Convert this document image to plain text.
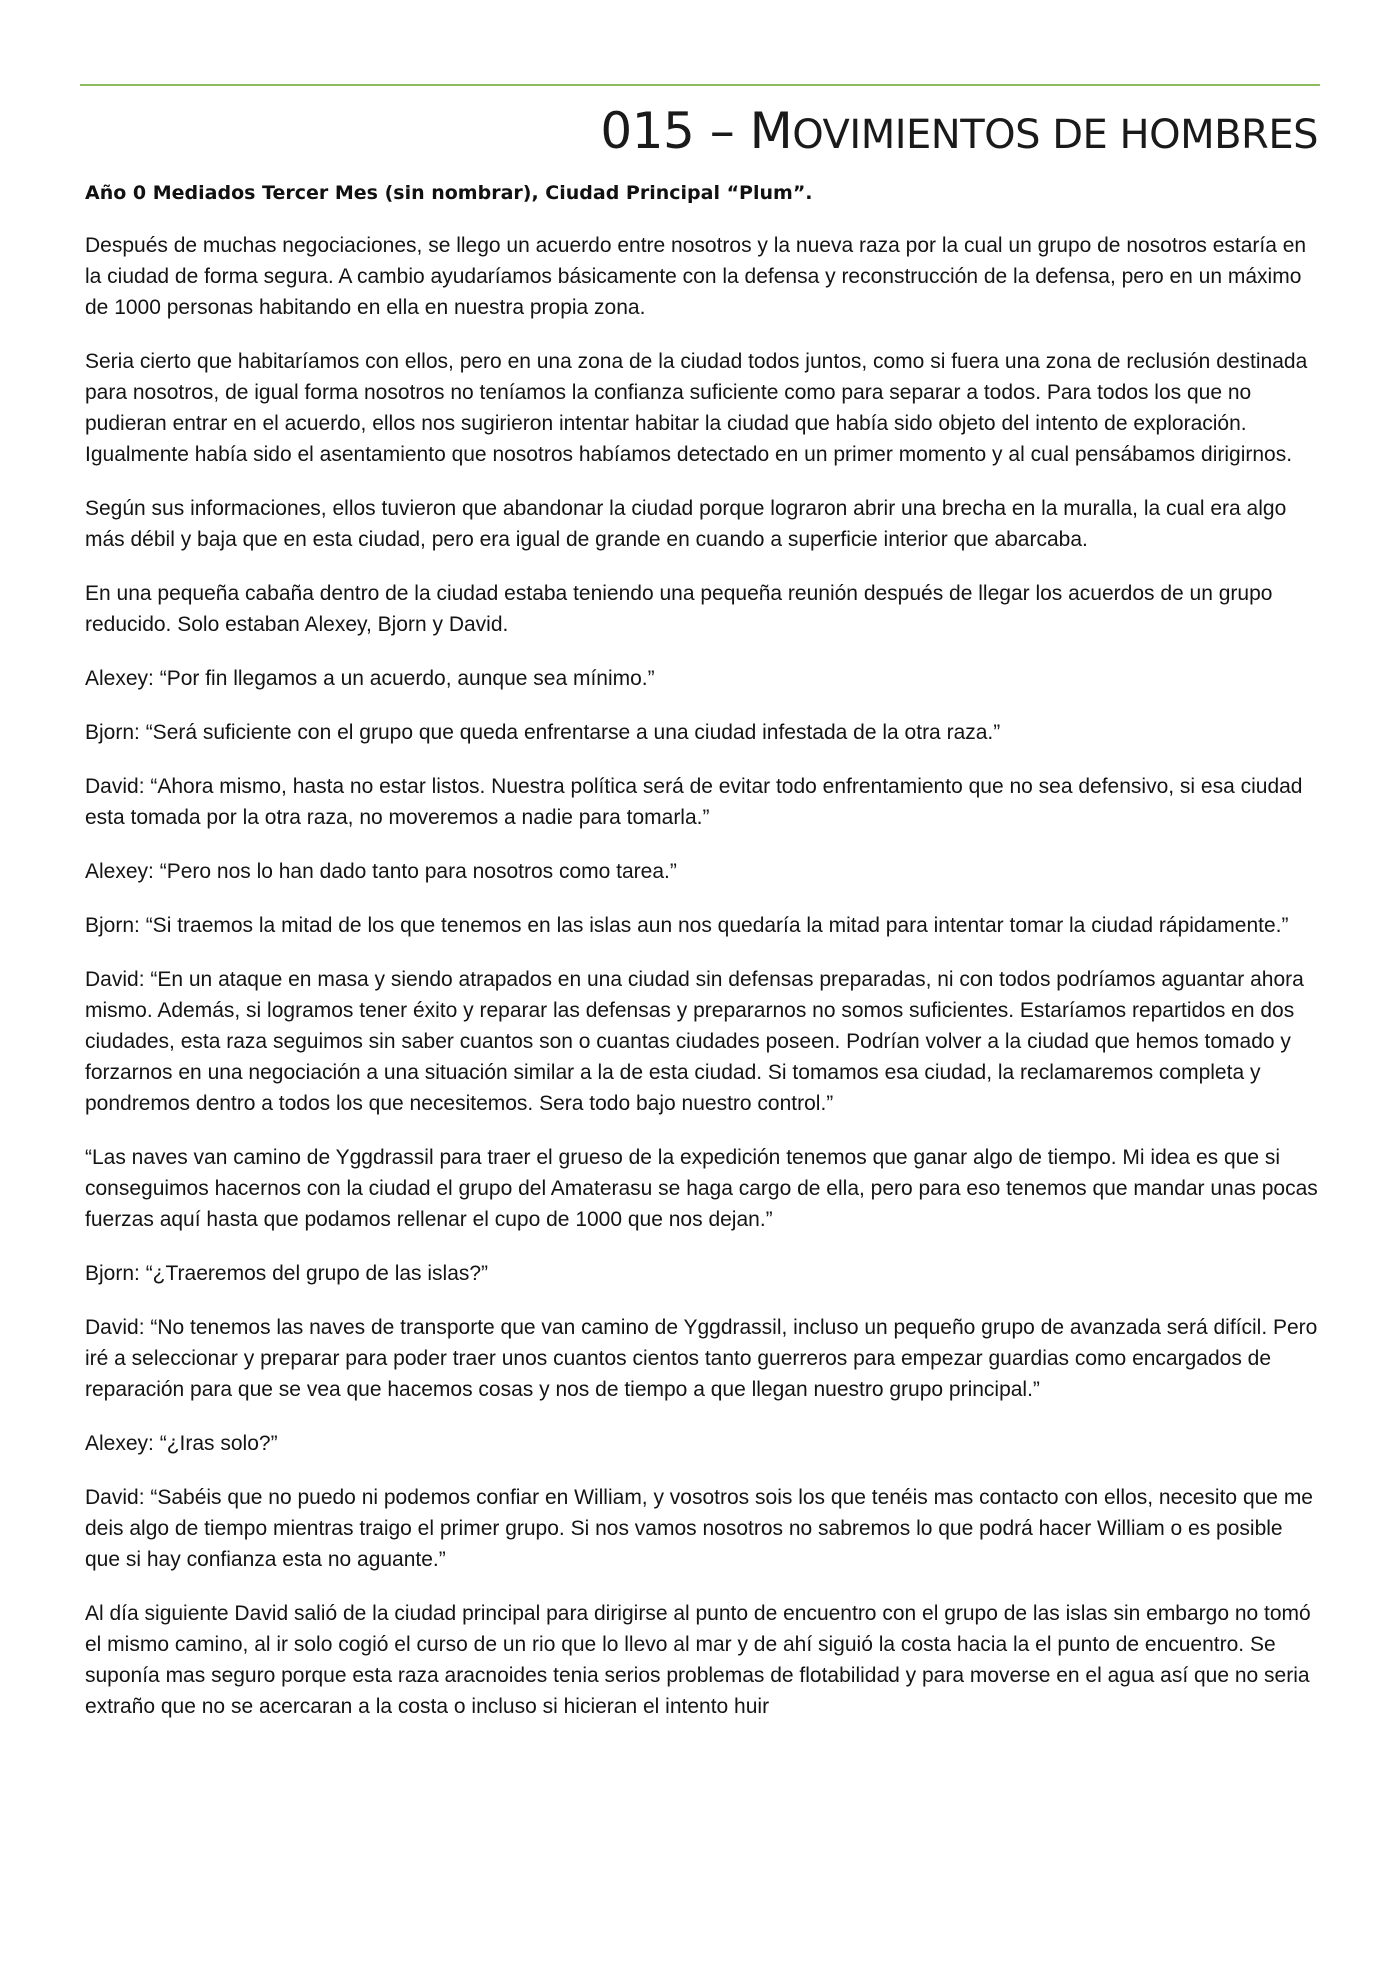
015 – MOVIMIENTOS DE HOMBRES

Año 0 Mediados Tercer Mes (sin nombrar), Ciudad Principal “Plum”.

Después de muchas negociaciones, se llego un acuerdo entre nosotros y la nueva raza por la cual un grupo de nosotros estaría en la ciudad de forma segura. A cambio ayudaríamos básicamente con la defensa y reconstrucción de la defensa, pero en un máximo de 1000 personas habitando en ella en nuestra propia zona.

Seria cierto que habitaríamos con ellos, pero en una zona de la ciudad todos juntos, como si fuera una zona de reclusión destinada para nosotros, de igual forma nosotros no teníamos la confianza suficiente como para separar a todos. Para todos los que no pudieran entrar en el acuerdo, ellos nos sugirieron intentar habitar la ciudad que había sido objeto del intento de exploración. Igualmente había sido el asentamiento que nosotros habíamos detectado en un primer momento y al cual pensábamos dirigirnos.

Según sus informaciones, ellos tuvieron que abandonar la ciudad porque lograron abrir una brecha en la muralla, la cual era algo más débil y baja que en esta ciudad, pero era igual de grande en cuando a superficie interior que abarcaba.

En una pequeña cabaña dentro de la ciudad estaba teniendo una pequeña reunión después de llegar los acuerdos de un grupo reducido. Solo estaban Alexey, Bjorn y David.

Alexey: “Por fin llegamos a un acuerdo, aunque sea mínimo.”

Bjorn: “Será suficiente con el grupo que queda enfrentarse a una ciudad infestada de la otra raza.”

David: “Ahora mismo, hasta no estar listos. Nuestra política será de evitar todo enfrentamiento que no sea defensivo, si esa ciudad esta tomada por la otra raza, no moveremos a nadie para tomarla.”

Alexey: “Pero nos lo han dado tanto para nosotros como tarea.”

Bjorn: “Si traemos la mitad de los que tenemos en las islas aun nos quedaría la mitad para intentar tomar la ciudad rápidamente.”

David: “En un ataque en masa y siendo atrapados en una ciudad sin defensas preparadas, ni con todos podríamos aguantar ahora mismo. Además, si logramos tener éxito y reparar las defensas y prepararnos no somos suficientes. Estaríamos repartidos en dos ciudades, esta raza seguimos sin saber cuantos son o cuantas ciudades poseen. Podrían volver a la ciudad que hemos tomado y forzarnos en una negociación a una situación similar a la de esta ciudad. Si tomamos esa ciudad, la reclamaremos completa y pondremos dentro a todos los que necesitemos. Sera todo bajo nuestro control.”

“Las naves van camino de Yggdrassil para traer el grueso de la expedición tenemos que ganar algo de tiempo. Mi idea es que si conseguimos hacernos con la ciudad el grupo del Amaterasu se haga cargo de ella, pero para eso tenemos que mandar unas pocas fuerzas aquí hasta que podamos rellenar el cupo de 1000 que nos dejan.”

Bjorn: “¿Traeremos del grupo de las islas?”

David: “No tenemos las naves de transporte que van camino de Yggdrassil, incluso un pequeño grupo de avanzada será difícil. Pero iré a seleccionar y preparar para poder traer unos cuantos cientos tanto guerreros para empezar guardias como encargados de reparación para que se vea que hacemos cosas y nos de tiempo a que llegan nuestro grupo principal.”

Alexey: “¿Iras solo?”

David: “Sabéis que no puedo ni podemos confiar en William, y vosotros sois los que tenéis mas contacto con ellos, necesito que me deis algo de tiempo mientras traigo el primer grupo. Si nos vamos nosotros no sabremos lo que podrá hacer William o es posible que si hay confianza esta no aguante.”

Al día siguiente David salió de la ciudad principal para dirigirse al punto de encuentro con el grupo de las islas sin embargo no tomó el mismo camino, al ir solo cogió el curso de un rio que lo llevo al mar y de ahí siguió la costa hacia la el punto de encuentro. Se suponía mas seguro porque esta raza aracnoides tenia serios problemas de flotabilidad y para moverse en el agua así que no seria extraño que no se acercaran a la costa o incluso si hicieran el intento huir
